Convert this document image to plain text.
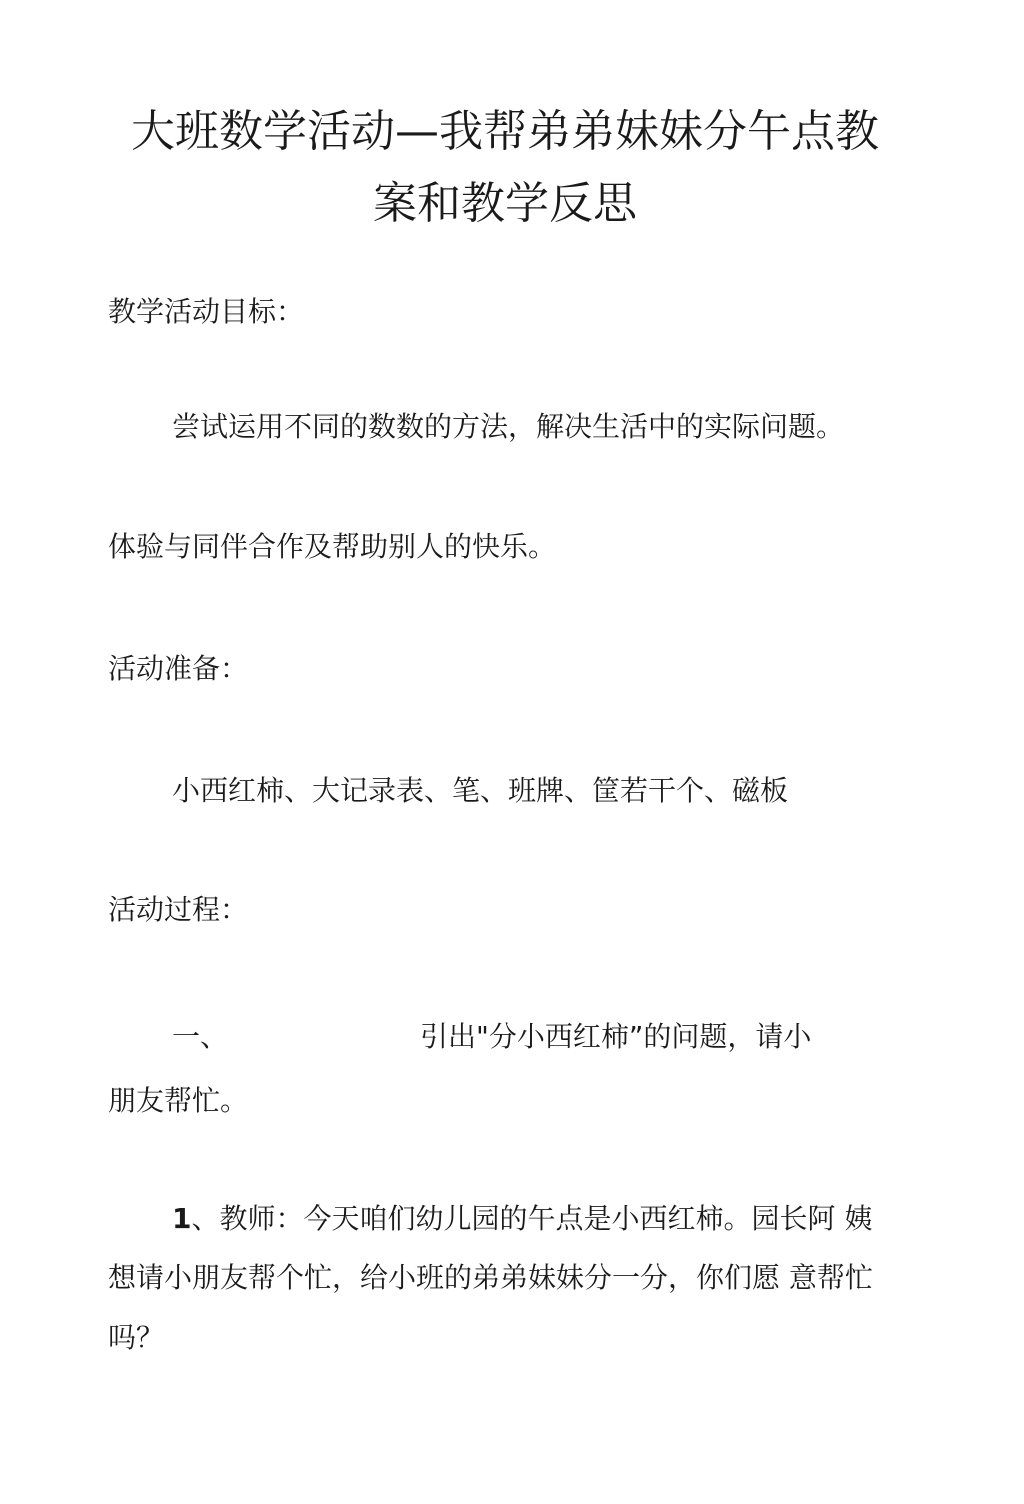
大班数学活动—我帮弟弟妹妹分午点教
案和教学反思

教学活动目标：

尝试运用不同的数数的方法，解决生活中的实际问题。

体验与同伴合作及帮助别人的快乐。

活动准备：

小西红柿、大记录表、笔、班牌、筐若干个、磁板

活动过程：

一、	引出"分小西红柿”的问题，请小

朋友帮忙。

1、教师：今天咱们幼儿园的午点是小西红柿。园长阿 姨

想请小朋友帮个忙，给小班的弟弟妹妹分一分，你们愿 意帮忙

吗？
